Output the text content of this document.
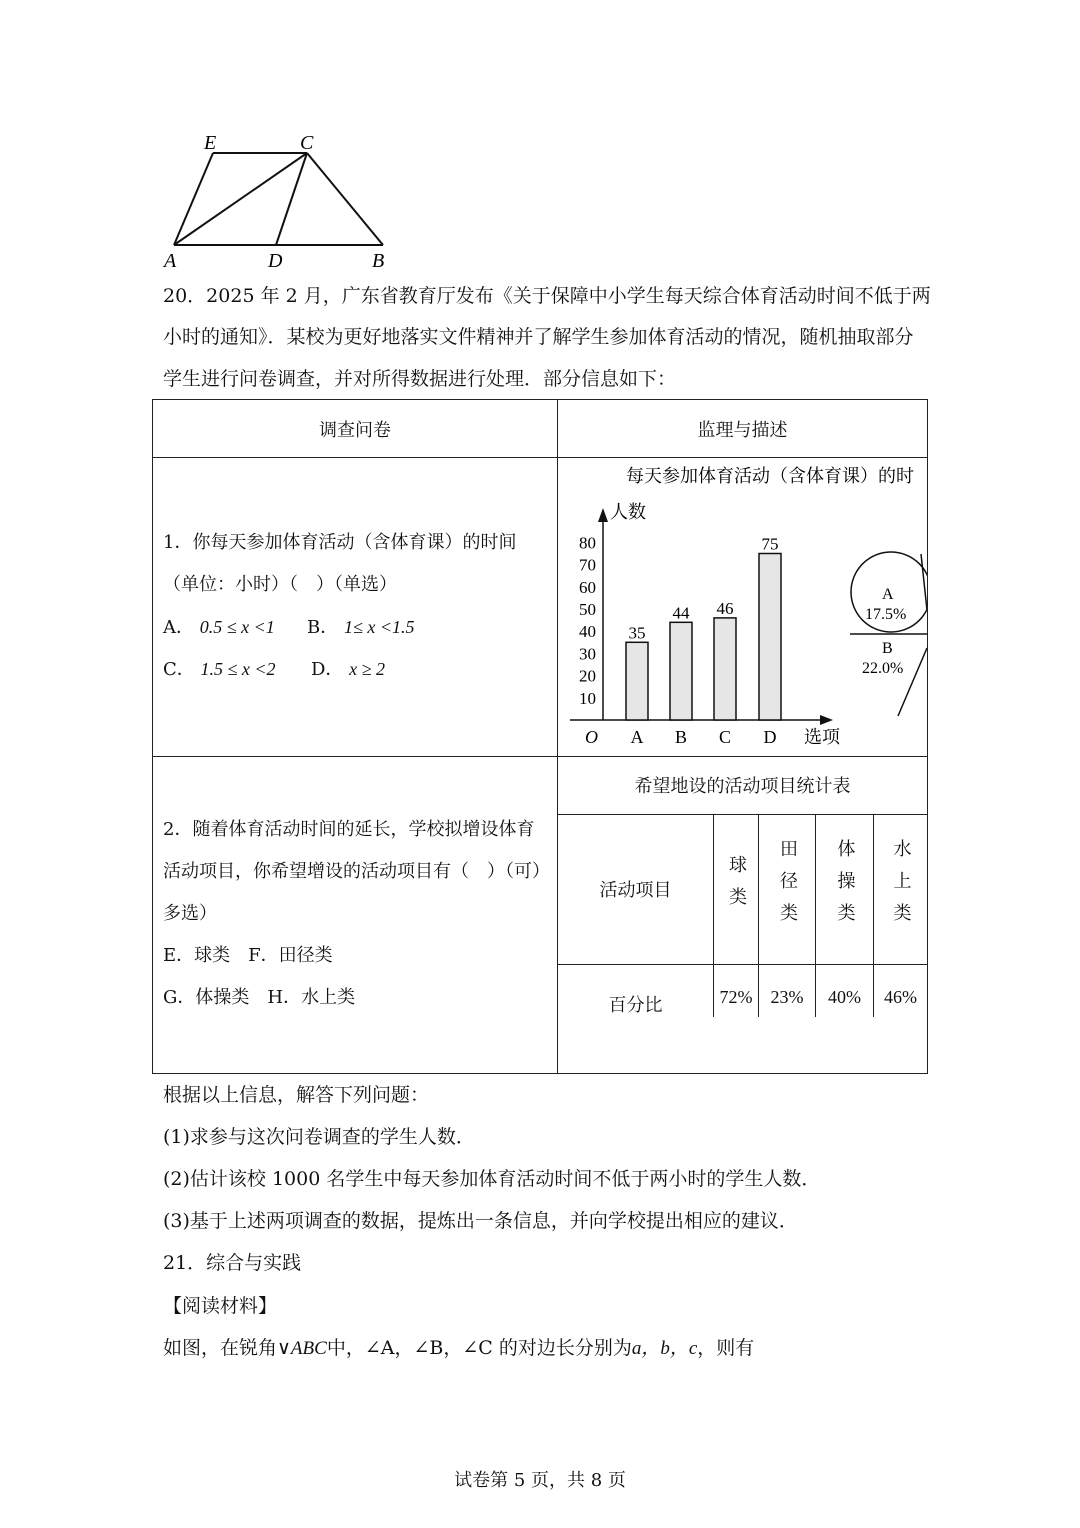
E	C
A	D	B
20．2025 年 2 月，广东省教育厅发布《关于保障中小学生每天综合体育活动时间不低于两
小时的通知》．某校为更好地落实文件精神并了解学生参加体育活动的情况，随机抽取部分
学生进行问卷调查，并对所得数据进行处理．部分信息如下：
调查问卷	监理与描述

1．你每天参加体育活动（含体育课）的时间
（单位：小时）（　）（单选）
A． 0.5 ≤ x <1 B． 1≤ x <1.5
C． 1.5 ≤ x <2 D． x ≥ 2

每天参加体育活动（含体育课）的时
人数
选项
O
10
20
30
40
50
60
70
80
35
A
44
B
46
C
75
D
A
17.5%
B
22.0%

2．随着体育活动时间的延长，学校拟增设体育
活动项目，你希望增设的活动项目有（　）（可）
多选）
E．球类　F．田径类
G．体操类　H．水上类

希望地设的活动项目统计表
活动项目	球类	田径类	体操类	水上类
百分比	72%	23%	40%	46%
根据以上信息，解答下列问题：
(1)求参与这次问卷调查的学生人数．
(2)估计该校 1000 名学生中每天参加体育活动时间不低于两小时的学生人数．
(3)基于上述两项调查的数据，提炼出一条信息，并向学校提出相应的建议．
21．综合与实践
【阅读材料】
如图，在锐角∨ABC中，∠A，∠B，∠C 的对边长分别为a，b，c，则有
试卷第 5 页，共 8 页
